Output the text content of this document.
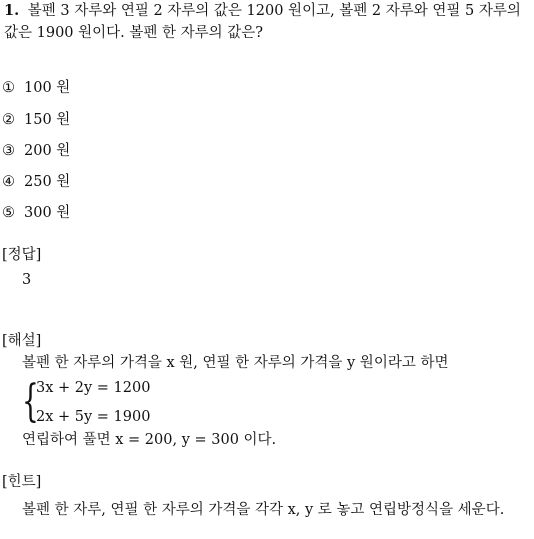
1. 볼펜 3 자루와 연필 2 자루의 값은 1200 원이고, 볼펜 2 자루와 연필 5 자루의 값은 1900 원이다. 볼펜 한 자루의 값은?
① 100 원
② 150 원
③ 200 원
④ 250 원
⑤ 300 원
[정답]
3
[해설]
볼펜 한 자루의 가격을 x 원, 연필 한 자루의 가격을 y 원이라고 하면
{
3x + 2y = 1200
2x + 5y = 1900
연립하여 풀면 x = 200, y = 300 이다.
[힌트]
볼펜 한 자루, 연필 한 자루의 가격을 각각 x, y 로 놓고 연립방정식을 세운다.
